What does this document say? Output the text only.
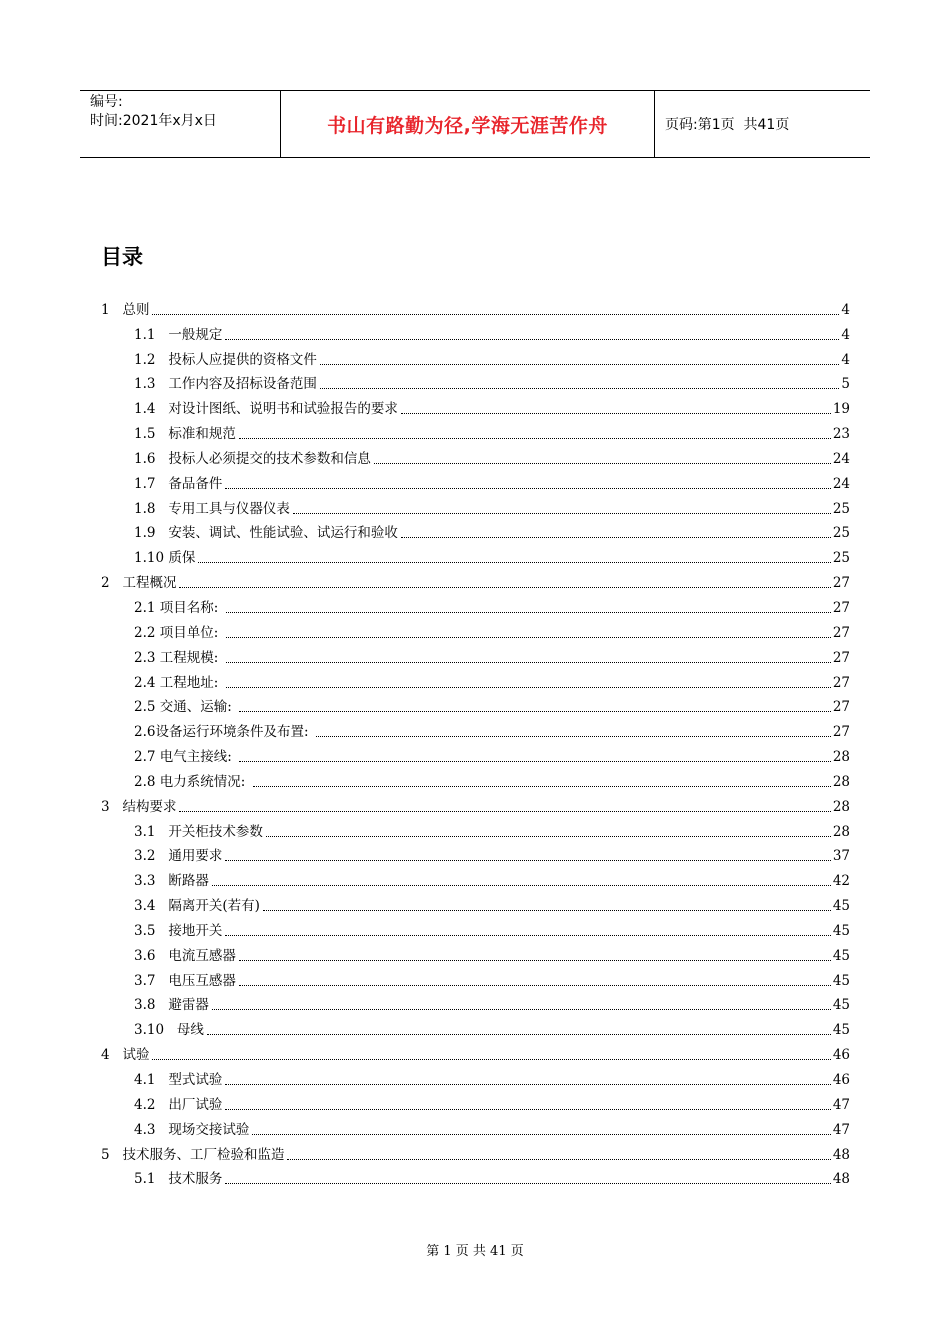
编号:
时间:2021年x月x日	书山有路勤为径,学海无涯苦作舟	页码:第1页  共41页
目录
1   总则	4
1.1   一般规定	4
1.2   投标人应提供的资格文件	4
1.3   工作内容及招标设备范围	5
1.4   对设计图纸、说明书和试验报告的要求	19
1.5   标准和规范	23
1.6   投标人必须提交的技术参数和信息	24
1.7   备品备件	24
1.8   专用工具与仪器仪表	25
1.9   安装、调试、性能试验、试运行和验收	25
1.10 质保	25
2   工程概况	27
2.1 项目名称:	27
2.2 项目单位:	27
2.3 工程规模:	27
2.4 工程地址:	27
2.5 交通、运输:	27
2.6设备运行环境条件及布置:	27
2.7 电气主接线:	28
2.8 电力系统情况:	28
3   结构要求	28
3.1   开关柜技术参数	28
3.2   通用要求	37
3.3   断路器	42
3.4   隔离开关(若有)	45
3.5   接地开关	45
3.6   电流互感器	45
3.7   电压互感器	45
3.8   避雷器	45
3.10   母线	45
4   试验	46
4.1   型式试验	46
4.2   出厂试验	47
4.3   现场交接试验	47
5   技术服务、工厂检验和监造	48
5.1   技术服务	48
第 1 页 共 41 页
